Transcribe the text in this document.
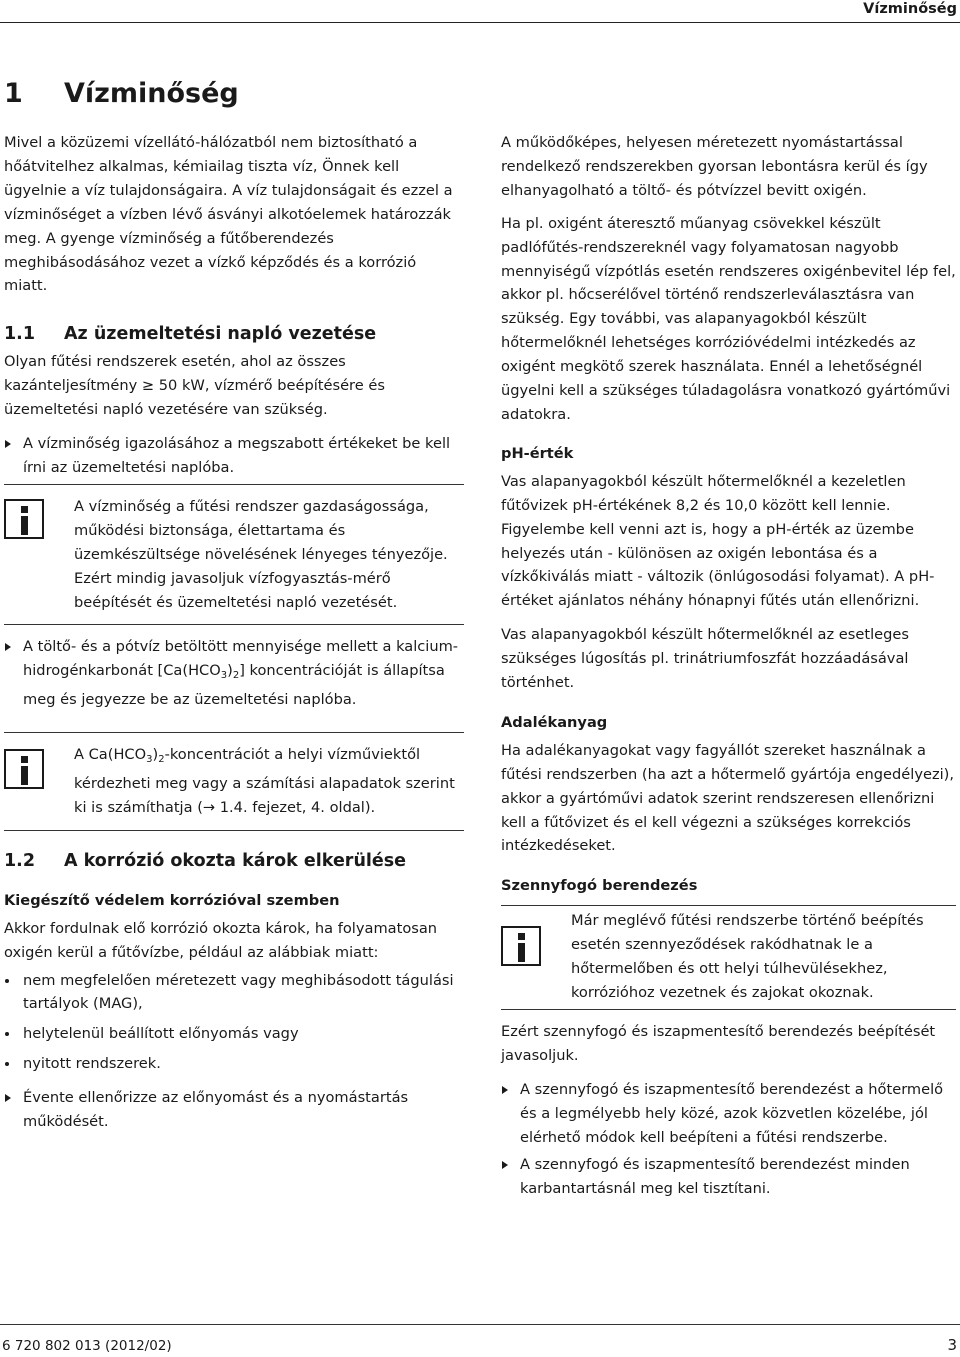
Vízminőség
1 Vízminőség

Mivel a közüzemi vízellátó-hálózatból nem biztosítható a hőátvitelhez alkalmas, kémiailag tiszta víz, Önnek kell ügyelnie a víz tulajdonságaira. A víz tulajdonságait és ezzel a vízminőséget a vízben lévő ásványi alkotóelemek határozzák meg. A gyenge vízminőség a fűtőberendezés meghibásodásához vezet a vízkő képződés és a korrózió miatt.

1.1 Az üzemeltetési napló vezetése

Olyan fűtési rendszerek esetén, ahol az összes kazánteljesítmény ≥ 50 kW, vízmérő beépítésére és üzemeltetési napló vezetésére van szükség.

A vízminőség igazolásához a megszabott értékeket be kell írni az üzemeltetési naplóba.

A vízminőség a fűtési rendszer gazdaságossága, működési biztonsága, élettartama és üzemkészültsége növelésének lényeges tényezője. Ezért mindig javasoljuk vízfogyasztás-mérő beépítését és üzemeltetési napló vezetését.

A töltő- és a pótvíz betöltött mennyisége mellett a kalcium-hidrogénkarbonát $[Ca(HCO_3)_2]$ koncentrációját is állapítsa meg és jegyezze be az üzemeltetési naplóba.

A $Ca(HCO_3)_2$-koncentrációt a helyi vízműviektől kérdezheti meg vagy a számítási alapadatok szerint ki is számíthatja (→ 1.4. fejezet, 4. oldal).

1.2 A korrózió okozta károk elkerülése

Kiegészítő védelem korrózióval szemben

Akkor fordulnak elő korrózió okozta károk, ha folyamatosan oxigén kerül a fűtővízbe, például az alábbiak miatt:

nem megfelelően méretezett vagy meghibásodott tágulási tartályok (MAG),

helytelenül beállított előnyomás vagy

nyitott rendszerek.

Évente ellenőrizze az előnyomást és a nyomástartás működését.

A működőképes, helyesen méretezett nyomástartással rendelkező rendszerekben gyorsan lebontásra kerül és így elhanyagolható a töltő- és pótvízzel bevitt oxigén.

Ha pl. oxigént áteresztő műanyag csövekkel készült padlófűtés-rendszereknél vagy folyamatosan nagyobb mennyiségű vízpótlás esetén rendszeres oxigénbevitel lép fel, akkor pl. hőcserélővel történő rendszerleválasztásra van szükség. Egy további, vas alapanyagokból készült hőtermelőknél lehetséges korrózióvédelmi intézkedés az oxigént megkötő szerek használata. Ennél a lehetőségnél ügyelni kell a szükséges túladagolásra vonatkozó gyártóművi adatokra.

pH-érték

Vas alapanyagokból készült hőtermelőknél a kezeletlen fűtővizek pH-értékének 8,2 és 10,0 között kell lennie. Figyelembe kell venni azt is, hogy a pH-érték az üzembe helyezés után - különösen az oxigén lebontása és a vízkőkiválás miatt - változik (önlúgosodási folyamat). A pH-értéket ajánlatos néhány hónapnyi fűtés után ellenőrizni.

Vas alapanyagokból készült hőtermelőknél az esetleges szükséges lúgosítás pl. trinátriumfoszfát hozzáadásával történhet.

Adalékanyag

Ha adalékanyagokat vagy fagyállót szereket használnak a fűtési rendszerben (ha azt a hőtermelő gyártója engedélyezi), akkor a gyártóművi adatok szerint rendszeresen ellenőrizni kell a fűtővizet és el kell végezni a szükséges korrekciós intézkedéseket.

Szennyfogó berendezés

Már meglévő fűtési rendszerbe történő beépítés esetén szennyeződések rakódhatnak le a hőtermelőben és ott helyi túlhevülésekhez, korrózióhoz vezetnek és zajokat okoznak.

Ezért szennyfogó és iszapmentesítő berendezés beépítését javasoljuk.

A szennyfogó és iszapmentesítő berendezést a hőtermelő és a legmélyebb hely közé, azok közvetlen közelébe, jól elérhető módok kell beépíteni a fűtési rendszerbe.

A szennyfogó és iszapmentesítő berendezést minden karbantartásnál meg kel tisztítani.

6 720 802 013 (2012/02)	3
